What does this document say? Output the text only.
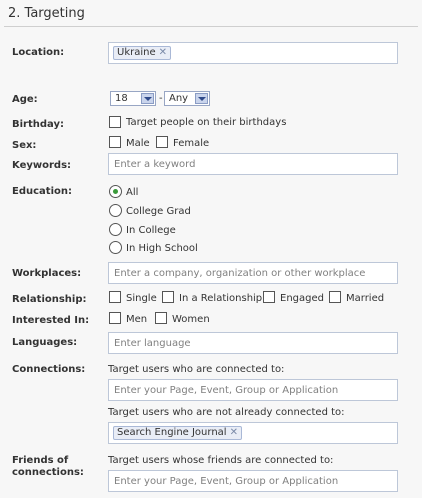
2. Targeting
Location:	Ukraine ✕
Age:	18	- Any
Birthday:	Target people on their birthdays
Sex:	Male Female
Keywords:	Enter a keyword
Education:	All
College Grad
In College
In High School
Workplaces:	Enter a company, organization or other workplace
Relationship:	Single In a Relationship Engaged Married
Interested In:	Men Women
Languages:	Enter language
Connections: Target users who are connected to:
Enter your Page, Event, Group or Application
Target users who are not already connected to:
Search Engine Journal ✕
Friends of
connections:
Target users whose friends are connected to:
Enter your Page, Event, Group or Application
